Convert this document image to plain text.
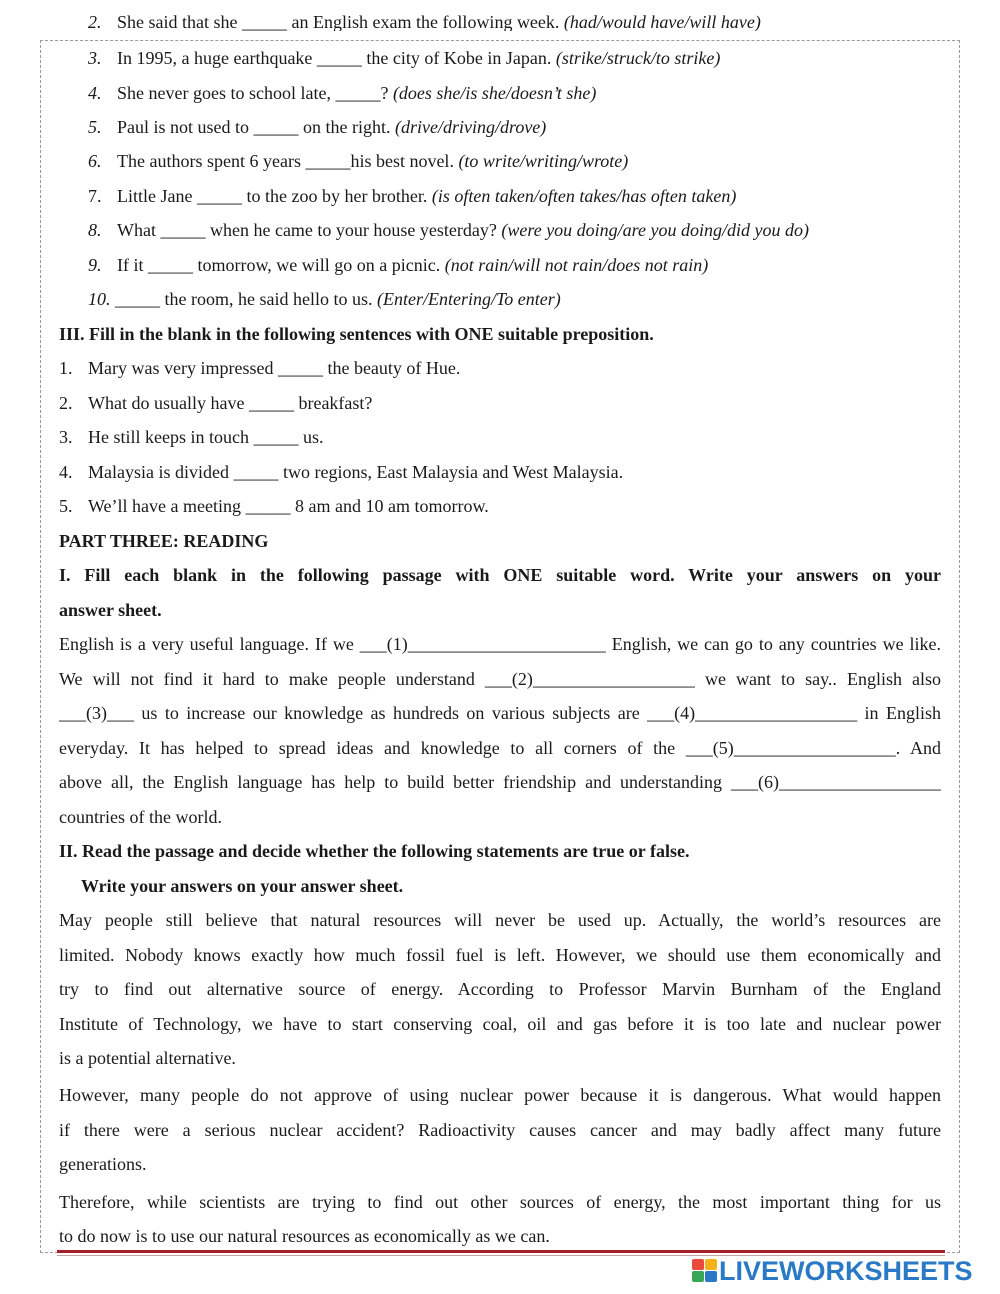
2. She said that she _____ an English exam the following week. (had/would have/will have)
3. In 1995, a huge earthquake _____ the city of Kobe in Japan. (strike/struck/to strike)
4. She never goes to school late, _____? (does she/is she/doesn’t she)
5. Paul is not used to _____ on the right. (drive/driving/drove)
6. The authors spent 6 years _____his best novel. (to write/writing/wrote)
7. Little Jane _____ to the zoo by her brother. (is often taken/often takes/has often taken)
8. What _____ when he came to your house yesterday? (were you doing/are you doing/did you do)
9. If it _____ tomorrow, we will go on a picnic. (not rain/will not rain/does not rain)
10. _____ the room, he said hello to us. (Enter/Entering/To enter)
III. Fill in the blank in the following sentences with ONE suitable preposition.
1. Mary was very impressed _____ the beauty of Hue.
2. What do usually have _____ breakfast?
3. He still keeps in touch _____ us.
4. Malaysia is divided _____ two regions, East Malaysia and West Malaysia.
5. We’ll have a meeting _____ 8 am and 10 am tomorrow.
PART THREE: READING
I. Fill each blank in the following passage with ONE suitable word. Write your answers on your
answer sheet.
English is a very useful language. If we ___(1)______________________ English, we can go to any countries we like.
We will not find it hard to make people understand ___(2)__________________ we want to say.. English also
___(3)___ us to increase our knowledge as hundreds on various subjects are ___(4)__________________ in English
everyday. It has helped to spread ideas and knowledge to all corners of the ___(5)__________________. And
above all, the English language has help to build better friendship and understanding ___(6)__________________
countries of the world.
II. Read the passage and decide whether the following statements are true or false.
Write your answers on your answer sheet.
May people still believe that natural resources will never be used up. Actually, the world’s resources are
limited. Nobody knows exactly how much fossil fuel is left. However, we should use them economically and
try to find out alternative source of energy. According to Professor Marvin Burnham of the England
Institute of Technology, we have to start conserving coal, oil and gas before it is too late and nuclear power
is a potential alternative.
However, many people do not approve of using nuclear power because it is dangerous. What would happen
if there were a serious nuclear accident? Radioactivity causes cancer and may badly affect many future
generations.
Therefore, while scientists are trying to find out other sources of energy, the most important thing for us
to do now is to use our natural resources as economically as we can.
LIVEWORKSHEETS
